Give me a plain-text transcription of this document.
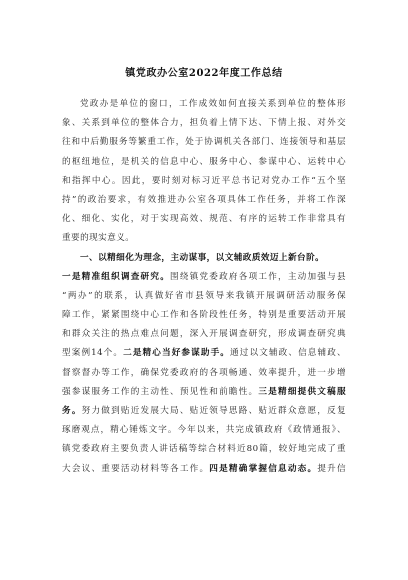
镇党政办公室2022年度工作总结
党政办是单位的窗口，工作成效如何直接关系到单位的整体形
象、关系到单位的整体合力，担负着上情下达、下情上报、对外交
往和中后勤服务等繁重工作，处于协调机关各部门、连接领导和基层
的枢纽地位，是机关的信息中心、服务中心、参谋中心、运转中心
和指挥中心。因此，要时刻对标习近平总书记对党办工作“五个坚
持”的政治要求，有效推进办公室各项具体工作任务，并将工作深
化、细化、实化，对于实现高效、规范、有序的运转工作非常具有
重要的现实意义。
一、以精细化为理念，主动谋事，以文辅政质效迈上新台阶。
一是精准组织调查研究。围绕镇党委政府各项工作，主动加强与县
“两办”的联系，认真做好省市县领导来我镇开展调研活动服务保
障工作，紧紧围绕中心工作和各阶段性任务，特别是重要活动开展
和群众关注的热点难点问题，深入开展调查研究，形成调查研究典
型案例14个。二是精心当好参谋助手。通过以文辅政、信息辅政、
督察督办等工作，确保党委政府的各项畅通、效率提升，进一步增
强参谋服务工作的主动性、预见性和前瞻性。三是精细提供文稿服
务。努力做到贴近发展大局、贴近领导思路、贴近群众意愿，反复
琢磨观点，精心锤炼文字。今年以来，共完成镇政府《政情通报》、
镇党委政府主要负责人讲话稿等综合材料近80篇，较好地完成了重
大会议、重要活动材料等各工作。四是精确掌握信息动态。提升信
